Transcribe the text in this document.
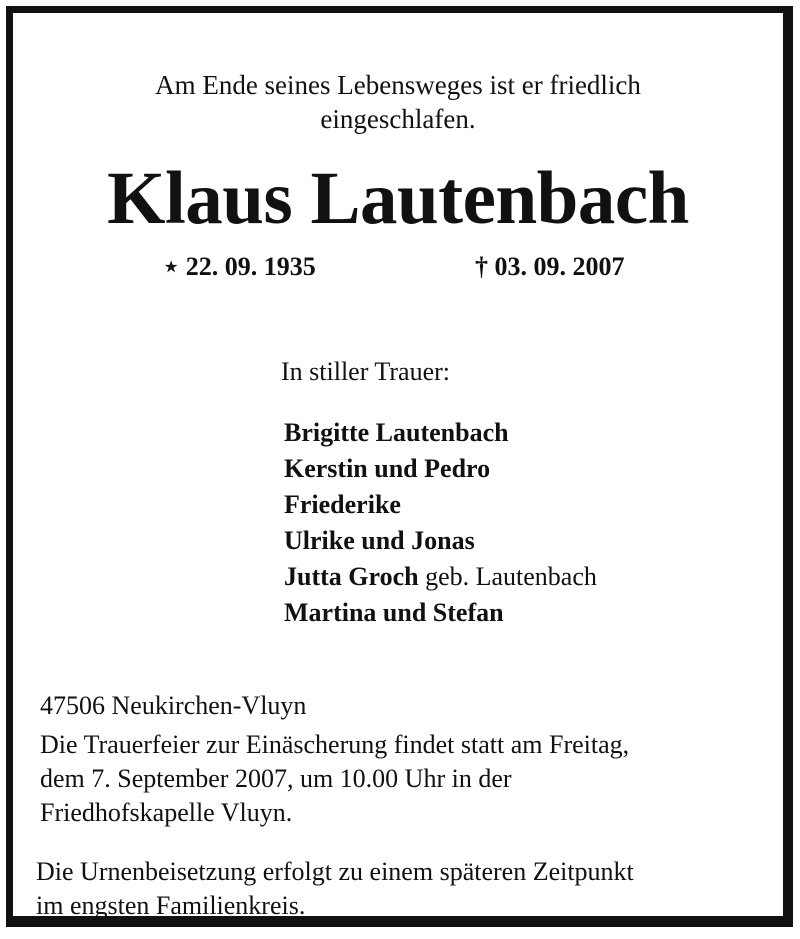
Am Ende seines Lebensweges ist er friedlich
eingeschlafen.
Klaus Lautenbach
⋆ 22. 09. 1935	† 03. 09. 2007
In stiller Trauer:
Brigitte Lautenbach
Kerstin und Pedro
Friederike
Ulrike und Jonas
Jutta Groch geb. Lautenbach
Martina und Stefan
47506 Neukirchen-Vluyn
Die Trauerfeier zur Einäscherung findet statt am Freitag,
dem 7. September 2007, um 10.00 Uhr in der
Friedhofskapelle Vluyn.
Die Urnenbeisetzung erfolgt zu einem späteren Zeitpunkt
im engsten Familienkreis.
